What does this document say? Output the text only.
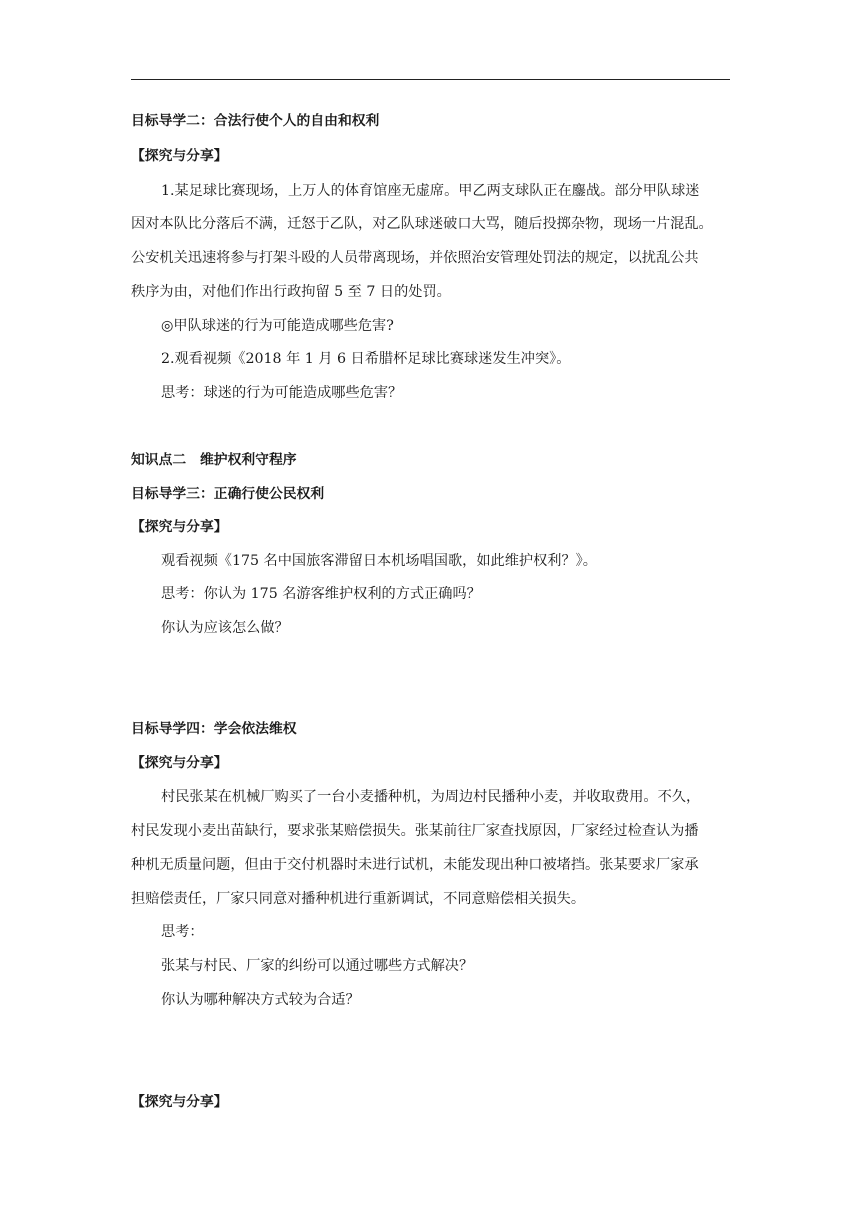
目标导学二：合法行使个人的自由和权利
【探究与分享】
1.某足球比赛现场，上万人的体育馆座无虚席。甲乙两支球队正在鏖战。部分甲队球迷
因对本队比分落后不满，迁怒于乙队，对乙队球迷破口大骂，随后投掷杂物，现场一片混乱。
公安机关迅速将参与打架斗殴的人员带离现场，并依照治安管理处罚法的规定，以扰乱公共
秩序为由，对他们作出行政拘留 5 至 7 日的处罚。
◎甲队球迷的行为可能造成哪些危害?
2.观看视频《2018 年 1 月 6 日希腊杯足球比赛球迷发生冲突》。
思考：球迷的行为可能造成哪些危害？
知识点二　维护权利守程序
目标导学三：正确行使公民权利
【探究与分享】
观看视频《175 名中国旅客滞留日本机场唱国歌，如此维护权利？》。
思考：你认为 175 名游客维护权利的方式正确吗？
你认为应该怎么做？
目标导学四：学会依法维权
【探究与分享】
村民张某在机械厂购买了一台小麦播种机，为周边村民播种小麦，并收取费用。不久，
村民发现小麦出苗缺行，要求张某赔偿损失。张某前往厂家查找原因，厂家经过检查认为播
种机无质量问题，但由于交付机器时未进行试机，未能发现出种口被堵挡。张某要求厂家承
担赔偿责任，厂家只同意对播种机进行重新调试，不同意赔偿相关损失。
思考：
张某与村民、厂家的纠纷可以通过哪些方式解决？
你认为哪种解决方式较为合适？
【探究与分享】
